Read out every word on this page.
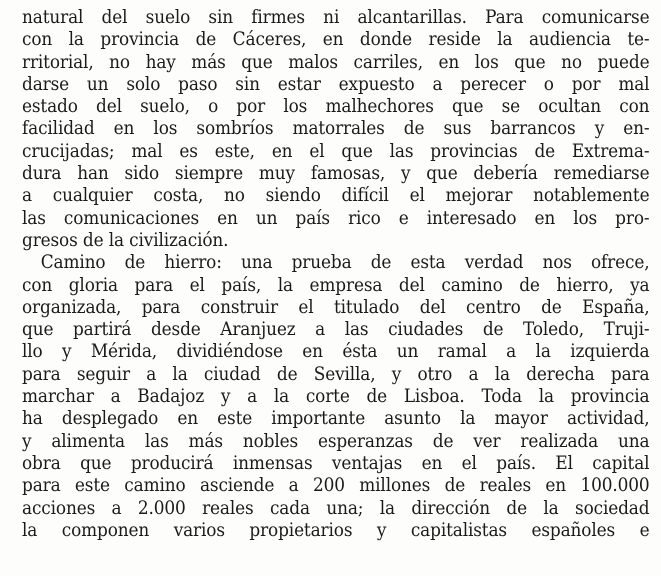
natural del suelo sin firmes ni alcantarillas. Para comunicarse
con la provincia de Cáceres, en donde reside la audiencia te-
rritorial, no hay más que malos carriles, en los que no puede
darse un solo paso sin estar expuesto a perecer o por mal
estado del suelo, o por los malhechores que se ocultan con
facilidad en los sombríos matorrales de sus barrancos y en-
crucijadas; mal es este, en el que las provincias de Extrema-
dura han sido siempre muy famosas, y que debería remediarse
a cualquier costa, no siendo difícil el mejorar notablemente
las comunicaciones en un país rico e interesado en los pro-
gresos de la civilización.
Camino de hierro: una prueba de esta verdad nos ofrece,
con gloria para el país, la empresa del camino de hierro, ya
organizada, para construir el titulado del centro de España,
que partirá desde Aranjuez a las ciudades de Toledo, Truji-
llo y Mérida, dividiéndose en ésta un ramal a la izquierda
para seguir a la ciudad de Sevilla, y otro a la derecha para
marchar a Badajoz y a la corte de Lisboa. Toda la provincia
ha desplegado en este importante asunto la mayor actividad,
y alimenta las más nobles esperanzas de ver realizada una
obra que producirá inmensas ventajas en el país. El capital
para este camino asciende a 200 millones de reales en 100.000
acciones a 2.000 reales cada una; la dirección de la sociedad
la componen varios propietarios y capitalistas españoles e
